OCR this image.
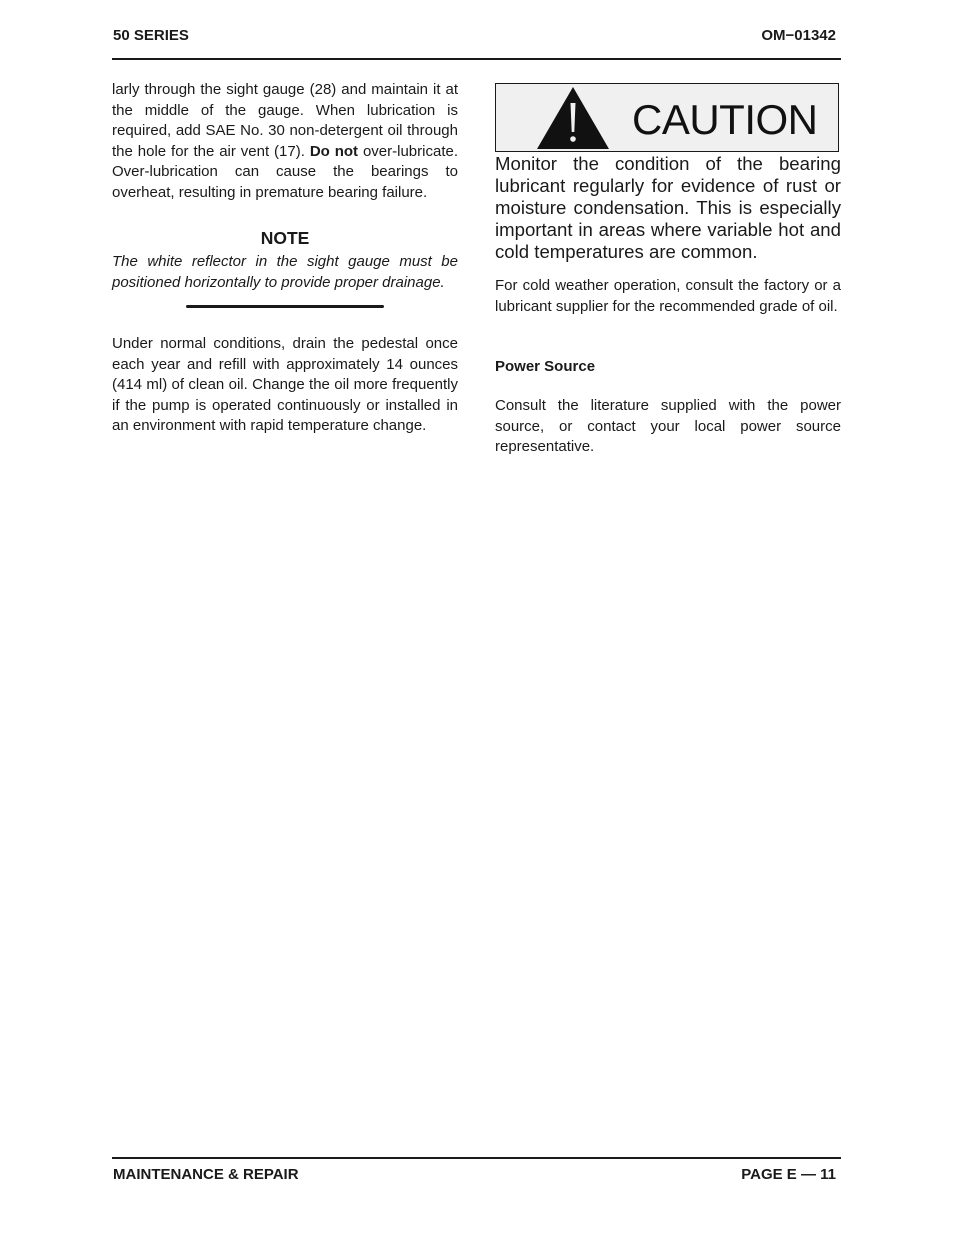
50 SERIES	OM−01342

larly through the sight gauge (28) and maintain it at the middle of the gauge. When lubrication is required, add SAE No. 30 non-detergent oil through the hole for the air vent (17). Do not over-lubricate. Over-lubrication can cause the bearings to overheat, resulting in premature bearing failure.

NOTE
The white reflector in the sight gauge must be positioned horizontally to provide proper drainage.
Under normal conditions, drain the pedestal once each year and refill with approximately 14 ounces (414 ml) of clean oil. Change the oil more frequently if the pump is operated continuously or installed in an environment with rapid temperature change.
CAUTION
Monitor the condition of the bearing lubricant regularly for evidence of rust or moisture condensation. This is especially important in areas where variable hot and cold temperatures are common.
For cold weather operation, consult the factory or a lubricant supplier for the recommended grade of oil.
Power Source
Consult the literature supplied with the power source, or contact your local power source representative.
MAINTENANCE & REPAIR	PAGE E — 11
